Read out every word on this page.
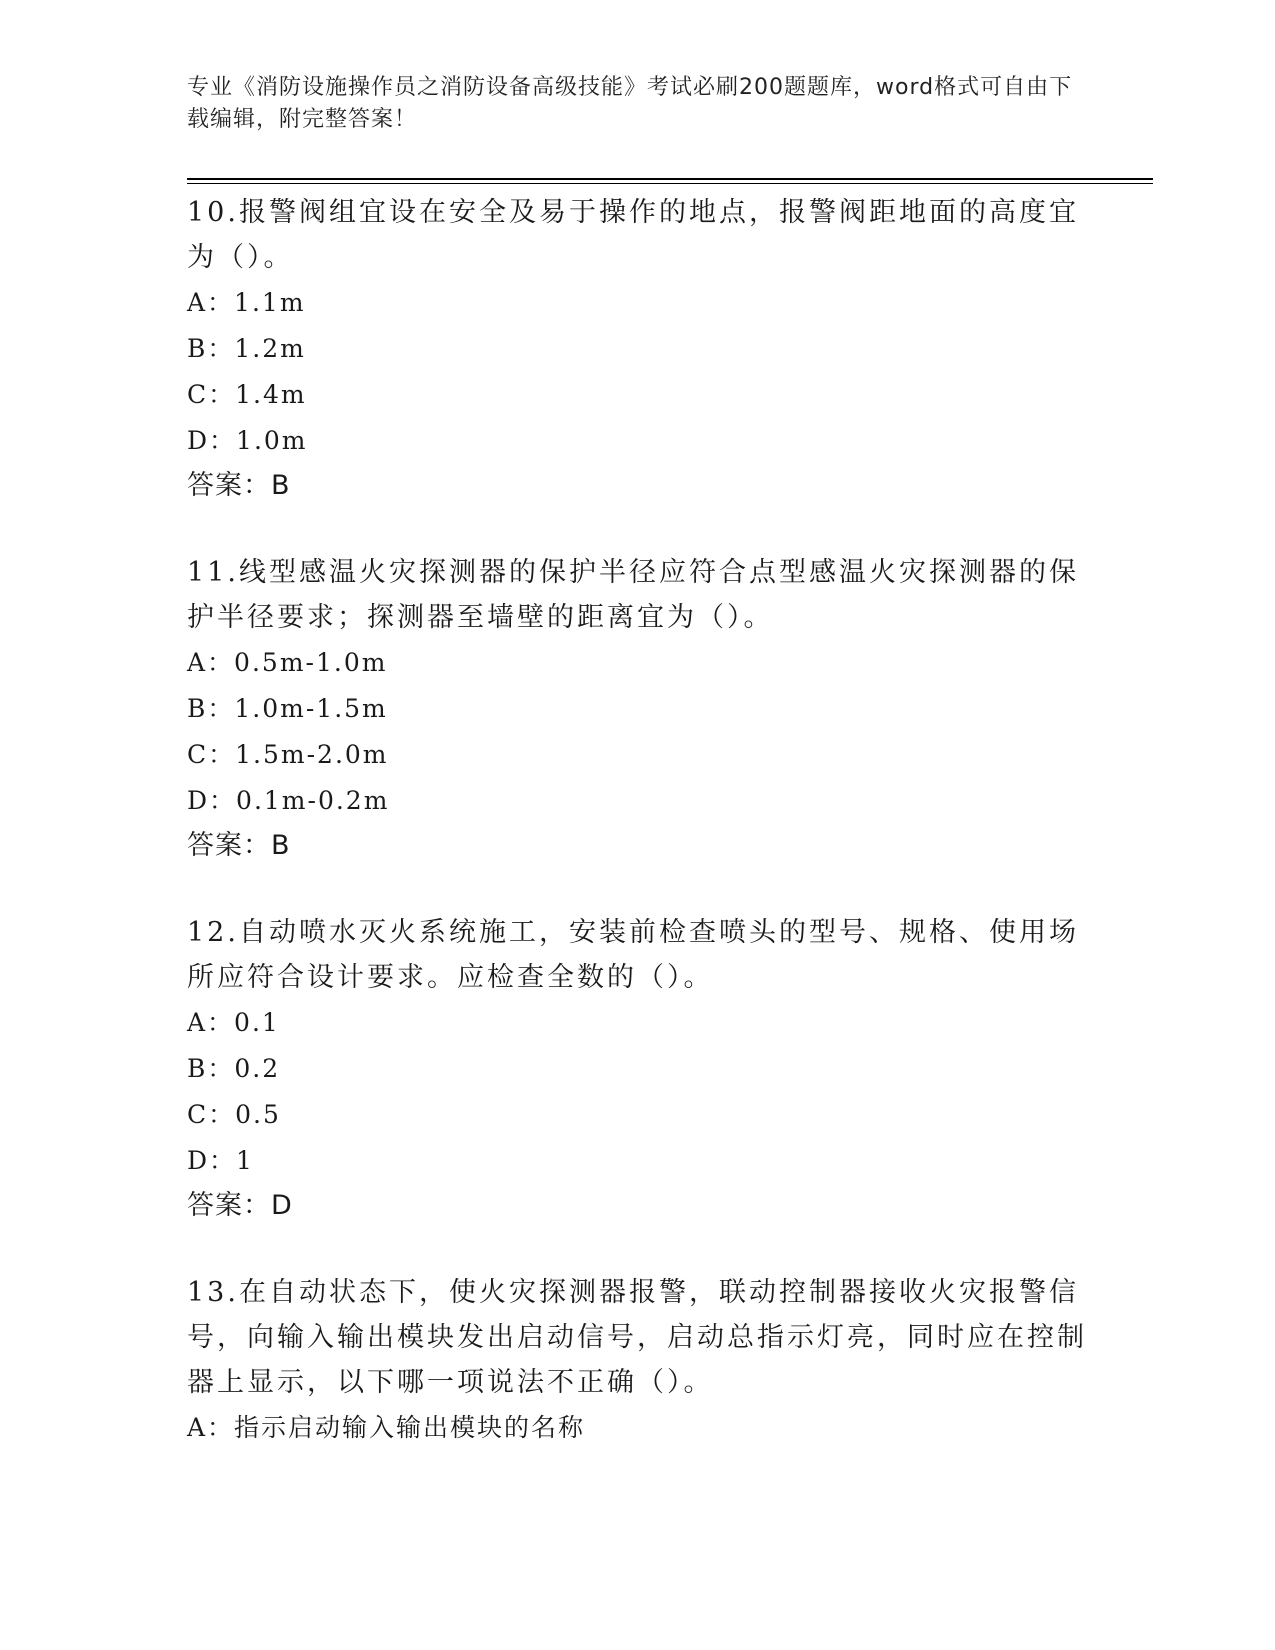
专业《消防设施操作员之消防设备高级技能》考试必刷200题题库，word格式可自由下载编辑，附完整答案！

10.报警阀组宜设在安全及易于操作的地点，报警阀距地面的高度宜为（）。

A：1.1m

B：1.2m

C：1.4m

D：1.0m

答案：B

11.线型感温火灾探测器的保护半径应符合点型感温火灾探测器的保护半径要求；探测器至墙壁的距离宜为（）。

A：0.5m-1.0m

B：1.0m-1.5m

C：1.5m-2.0m

D：0.1m-0.2m

答案：B

12.自动喷水灭火系统施工，安装前检查喷头的型号、规格、使用场所应符合设计要求。应检查全数的（）。

A：0.1

B：0.2

C：0.5

D：1

答案：D

13.在自动状态下，使火灾探测器报警，联动控制器接收火灾报警信号，向输入输出模块发出启动信号，启动总指示灯亮，同时应在控制器上显示，以下哪一项说法不正确（）。

A：指示启动输入输出模块的名称
